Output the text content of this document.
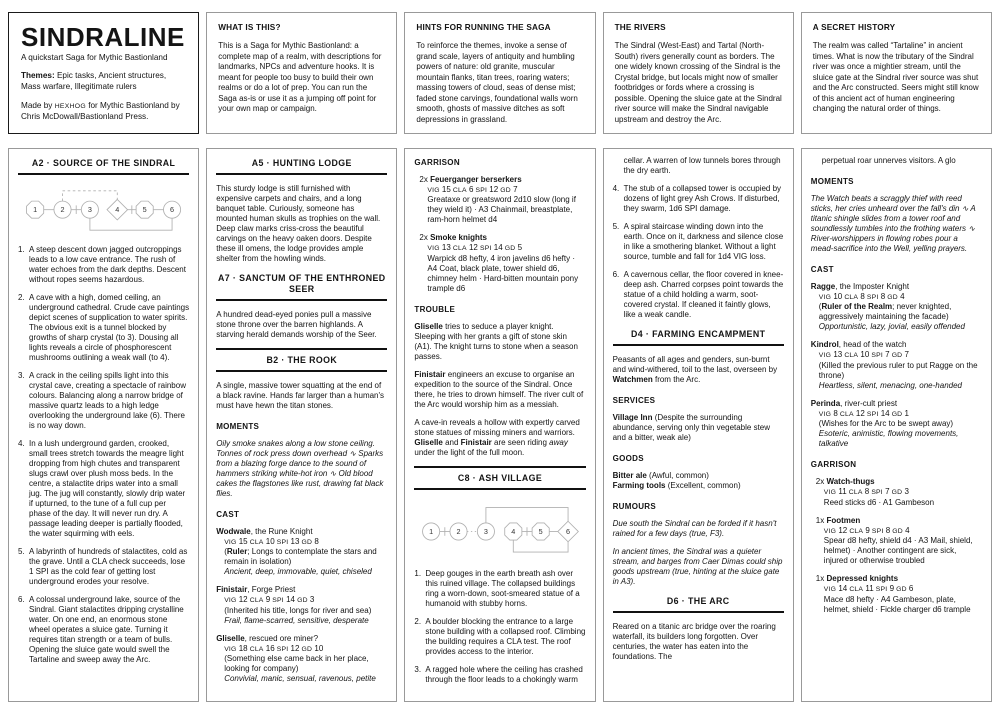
SINDRALINE
A quickstart Saga for Mythic Bastionland
Themes: Epic tasks, Ancient structures, Mass warfare, Illegitimate rulers
Made by HEXHOG for Mythic Bastionland by Chris McDowall/Bastionland Press.
WHAT IS THIS?
This is a Saga for Mythic Bastionland: a complete map of a realm, with descriptions for landmarks, NPCs and adventure hooks. It is meant for people too busy to build their own realms or do a lot of prep. You can run the Saga as-is or use it as a jumping off point for your own map or campaign.
HINTS FOR RUNNING THE SAGA
To reinforce the themes, invoke a sense of grand scale, layers of antiquity and humbling powers of nature: old granite, muscular mountain flanks, titan trees, roaring waters; massing towers of cloud, seas of dense mist; faded stone carvings, foundational walls worn smooth, ghosts of massive ditches as soft depressions in grassland.
THE RIVERS
The Sindral (West-East) and Tartal (North-South) rivers generally count as borders. The one widely known crossing of the Sindral is the Crystal bridge, but locals might now of smaller footbridges or fords where a crossing is possible. Opening the sluice gate at the Sindral river source will make the Sindral navigable upstream and destroy the Arc.
A SECRET HISTORY
The realm was called “Tartaline” in ancient times. What is now the tributary of the Sindral river was once a mightier stream, until the sluice gate at the Sindral river source was shut and the Arc constructed. Seers might still know of this ancient act of human engineering changing the natural order of things.
A2 · SOURCE OF THE SINDRAL
1	2	3	4	5	6
1. A steep descent down jagged outcroppings leads to a low cave entrance. The rush of water echoes from the dark depths. Descent without ropes seems hazardous.
2. A cave with a high, domed ceiling, an underground cathedral. Crude cave paintings depict scenes of supplication to water spirits. The obvious exit is a tunnel blocked by growths of sharp crystal (to 3). Dousing all lights reveals a circle of phosphorescent mushrooms outlining a weak wall (to 4).
3. A crack in the ceiling spills light into this crystal cave, creating a spectacle of rainbow colours. Balancing along a narrow bridge of massive quartz leads to a high ledge overlooking the underground lake (6). There is no way down.
4. In a lush underground garden, crooked, small trees stretch towards the meagre light dropping from high chutes and transparent slugs crawl over plush moss beds. In the centre, a stalactite drips water into a small jug. The jug will constantly, slowly drip water if upturned, to the tune of a full cup per phase of the day. It will never run dry. A passage leading deeper is partially flooded, the water squirming with eels.
5. A labyrinth of hundreds of stalactites, cold as the grave. Until a CLA check succeeds, lose 1 SPI as the cold fear of getting lost underground erodes your resolve.
6. A colossal underground lake, source of the Sindral. Giant stalactites dripping crystalline water. On one end, an enormous stone wheel operates a sluice gate. Turning it requires titan strength or a team of bulls. Opening the sluice gate would swell the Tartaline and sweep away the Arc.
A5 · HUNTING LODGE
This sturdy lodge is still furnished with expensive carpets and chairs, and a long banquet table. Curiously, someone has mounted human skulls as trophies on the wall. Deep claw marks criss-cross the beautiful carvings on the heavy oaken doors. Despite these ill omens, the lodge provides ample shelter from the howling winds.
A7 · SANCTUM OF THE ENTHRONED SEER
A hundred dead-eyed ponies pull a massive stone throne over the barren highlands. A starving herald demands worship of the Seer.
B2 · THE ROOK
A single, massive tower squatting at the end of a black ravine. Hands far larger than a human's must have hewn the titan stones.
MOMENTS
Oily smoke snakes along a low stone ceiling. Tonnes of rock press down overhead ∿ Sparks from a blazing forge dance to the sound of hammers striking white-hot iron ∿ Old blood cakes the flagstones like rust, drawing fat black flies.
CAST
Wodwale, the Rune Knight
VIG 15 CLA 10 SPI 13 GD 8
(Ruler; Longs to contemplate the stars and remain in isolation)
Ancient, deep, immovable, quiet, chiseled
Finistair, Forge Priest
VIG 12 CLA 9 SPI 14 GD 3
(Inherited his title, longs for river and sea)
Frail, flame-scarred, sensitive, desperate
Gliselle, rescued ore miner?
VIG 18 CLA 16 SPI 12 GD 10
(Something else came back in her place, looking for company)
Convivial, manic, sensual, ravenous, petite
GARRISON
2x Feuerganger berserkers
VIG 15 CLA 6 SPI 12 GD 7
Greataxe or greatsword 2d10 slow (long if they wield it) · A3 Chainmail, breastplate, ram-horn helmet d4
2x Smoke knights
VIG 13 CLA 12 SPI 14 GD 5
Warpick d8 hefty, 4 iron javelins d6 hefty · A4 Coat, black plate, tower shield d6, chimney helm · Hard-bitten mountain pony trample d6
TROUBLE
Gliselle tries to seduce a player knight. Sleeping with her grants a gift of stone skin (A1). The knight turns to stone when a season passes.
Finistair engineers an excuse to organise an expedition to the source of the Sindral. Once there, he tries to drown himself. The river cult of the Arc would worship him as a messiah.
A cave-in reveals a hollow with expertly carved stone statues of missing miners and warriors. Gliselle and Finistair are seen riding away under the light of the full moon.
C8 · ASH VILLAGE
1	2	3	4	5	6
1. Deep gouges in the earth breath ash over this ruined village. The collapsed buildings ring a worn-down, soot-smeared statue of a humanoid with stubby horns.
2. A boulder blocking the entrance to a large stone building with a collapsed roof. Climbing the building requires a CLA test. The roof provides access to the interior.
3. A ragged hole where the ceiling has crashed through the floor leads to a chokingly warm
cellar. A warren of low tunnels bores through the dry earth.
4. The stub of a collapsed tower is occupied by dozens of light grey Ash Crows. If disturbed, they swarm, 1d6 SPI damage.
5. A spiral staircase winding down into the earth. Once on it, darkness and silence close in like a smothering blanket. Without a light source, tumble and fall for 1d4 VIG loss.
6. A cavernous cellar, the floor covered in knee-deep ash. Charred corpses point towards the statue of a child holding a warm, soot-covered crystal. If cleaned it faintly glows, like a weak candle.
D4 · FARMING ENCAMPMENT
Peasants of all ages and genders, sun-burnt and wind-withered, toil to the last, overseen by Watchmen from the Arc.
SERVICES
Village Inn (Despite the surrounding abundance, serving only thin vegetable stew and a bitter, weak ale)
GOODS
Bitter ale (Awful, common)
Farming tools (Excellent, common)
RUMOURS
Due south the Sindral can be forded if it hasn't rained for a few days (true, F3).
In ancient times, the Sindral was a quieter stream, and barges from Caer Dimas could ship goods upstream (true, hinting at the sluice gate in A3).
D6 · THE ARC
Reared on a titanic arc bridge over the roaring waterfall, its builders long forgotten. Over centuries, the water has eaten into the foundations. The
perpetual roar unnerves visitors. A glo
MOMENTS
The Watch beats a scraggly thief with reed sticks, her cries unheard over the fall's din ∿ A titanic shingle slides from a tower roof and soundlessly tumbles into the frothing waters ∿ River-worshippers in flowing robes pour a mead-sacrifice into the Well, yelling prayers.
CAST
Ragge, the Imposter Knight
VIG 10 CLA 8 SPI 8 GD 4
(Ruler of the Realm; never knighted, aggressively maintaining the facade)
Opportunistic, lazy, jovial, easily offended
Kindrol, head of the watch
VIG 13 CLA 10 SPI 7 GD 7
(Killed the previous ruler to put Ragge on the throne)
Heartless, silent, menacing, one-handed
Perinda, river-cult priest
VIG 8 CLA 12 SPI 14 GD 1
(Wishes for the Arc to be swept away)
Esoteric, animistic, flowing movements, talkative
GARRISON
2x Watch-thugs
VIG 11 CLA 8 SPI 7 GD 3
Reed sticks d6 · A1 Gambeson
1x Footmen
VIG 12 CLA 9 SPI 8 GD 4
Spear d8 hefty, shield d4 · A3 Mail, shield, helmet) · Another contingent are sick, injured or otherwise troubled
1x Depressed knights
VIG 14 CLA 11 SPI 9 GD 6
Mace d8 hefty · A4 Gambeson, plate, helmet, shield · Fickle charger d6 trample
